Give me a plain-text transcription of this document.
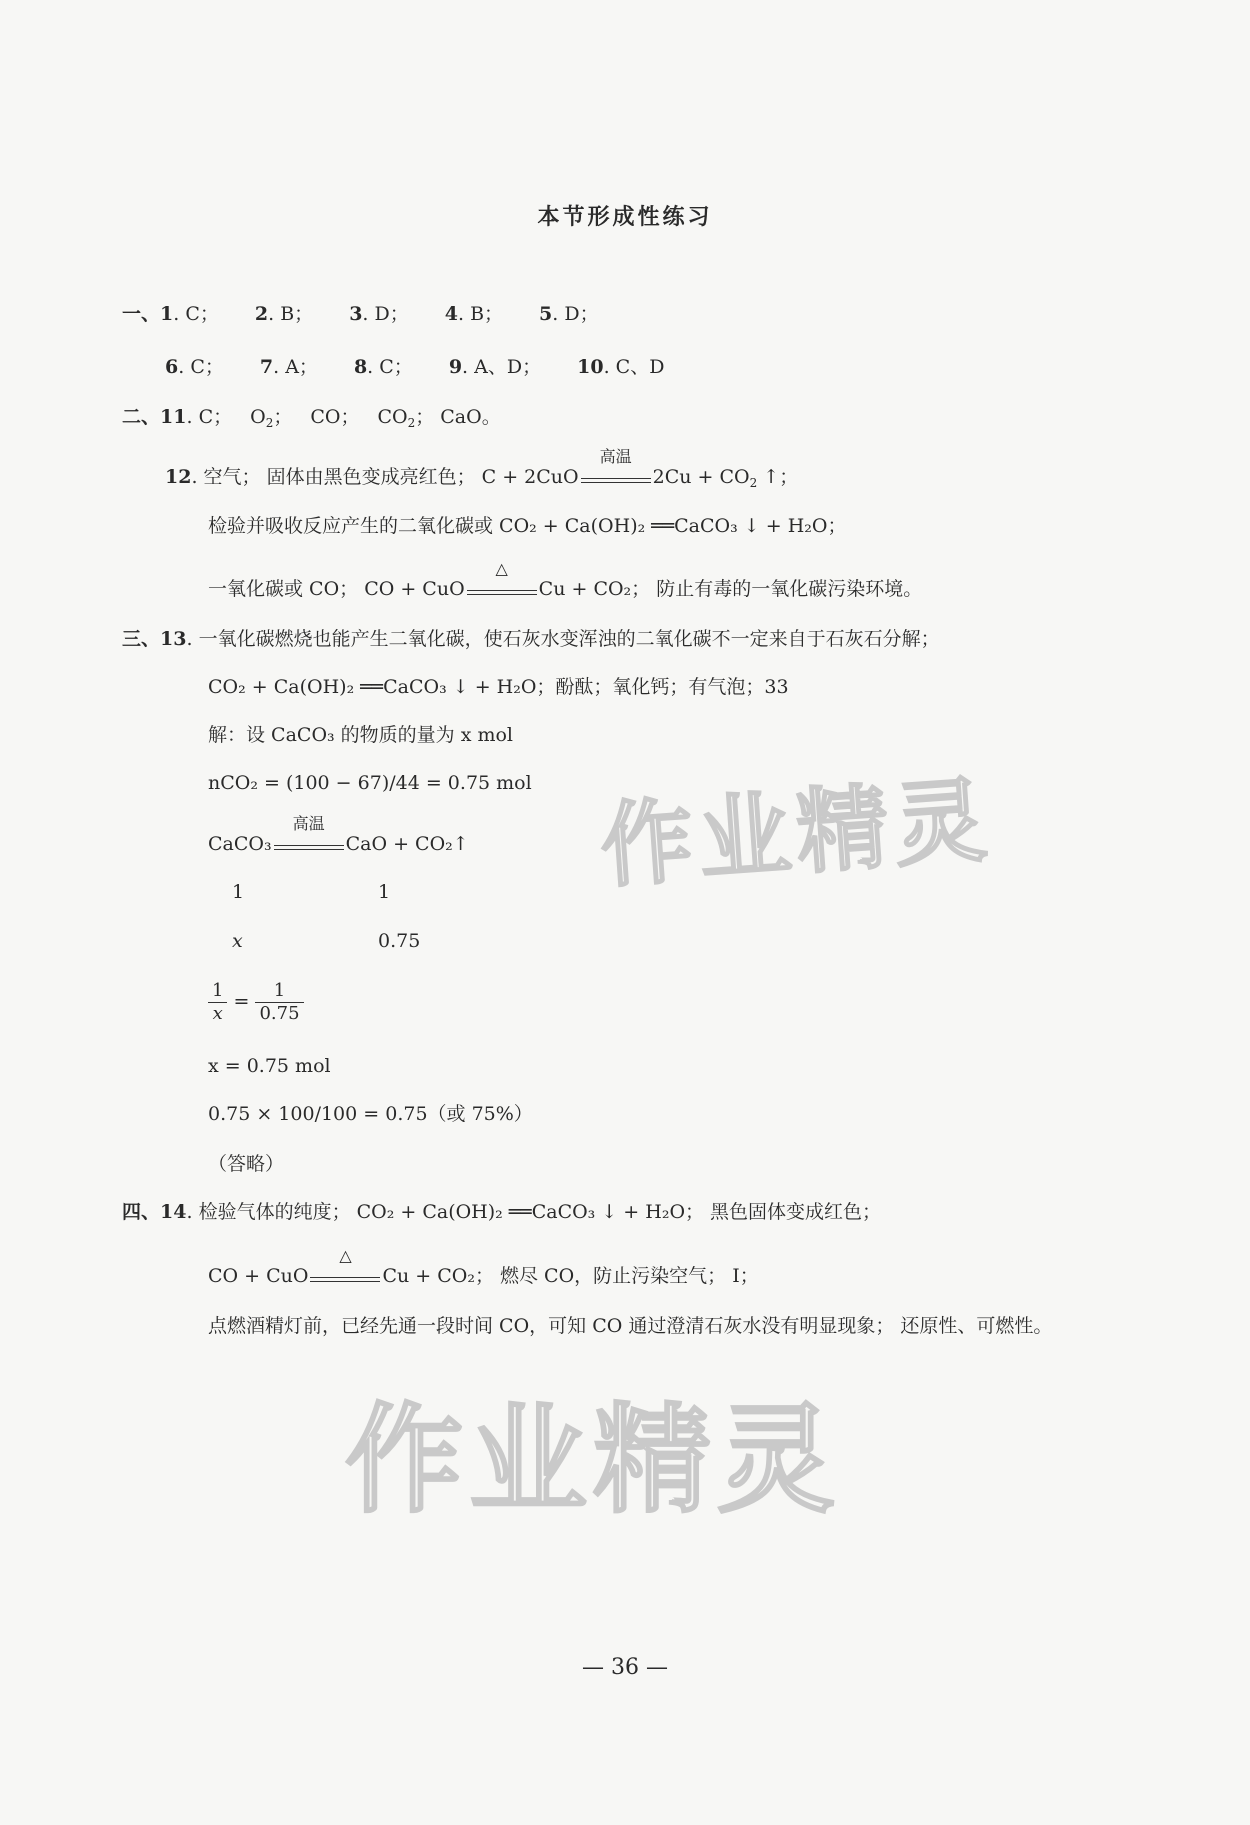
本节形成性练习
一、1. C； 2. B； 3. D； 4. B； 5. D；
6. C； 7. A； 8. C； 9. A、D； 10. C、D
二、11. C； $O_2$； CO； $CO_2$； CaO。
12. 空气； 固体由黑色变成亮红色； C + 2CuO
高温
$2Cu + CO_2$ ↑；
检验并吸收反应产生的二氧化碳或 CO₂ + Ca(OH)₂ ══CaCO₃ ↓ + H₂O；
一氧化碳或 CO； CO + CuO
△
Cu + CO₂； 防止有毒的一氧化碳污染环境。
三、13. 一氧化碳燃烧也能产生二氧化碳，使石灰水变浑浊的二氧化碳不一定来自于石灰石分解；
CO₂ + Ca(OH)₂ ══CaCO₃ ↓ + H₂O；酚酞；氧化钙；有气泡；33
解：设 CaCO₃ 的物质的量为 x mol
nCO₂ = (100 − 67)/44 = 0.75 mol
CaCO₃
高温
CaO + CO₂↑
1	1
x	0.75
$\frac{1}{x} = \frac{1}{0.75}$
x = 0.75 mol
0.75 × 100/100 = 0.75（或 75%）
（答略）
四、14. 检验气体的纯度； CO₂ + Ca(OH)₂ ══CaCO₃ ↓ + H₂O； 黑色固体变成红色；
CO + CuO
△
Cu + CO₂； 燃尽 CO，防止污染空气； Ⅰ；
点燃酒精灯前，已经先通一段时间 CO，可知 CO 通过澄清石灰水没有明显现象； 还原性、可燃性。
作业精灵
作业精灵
— 36 —
